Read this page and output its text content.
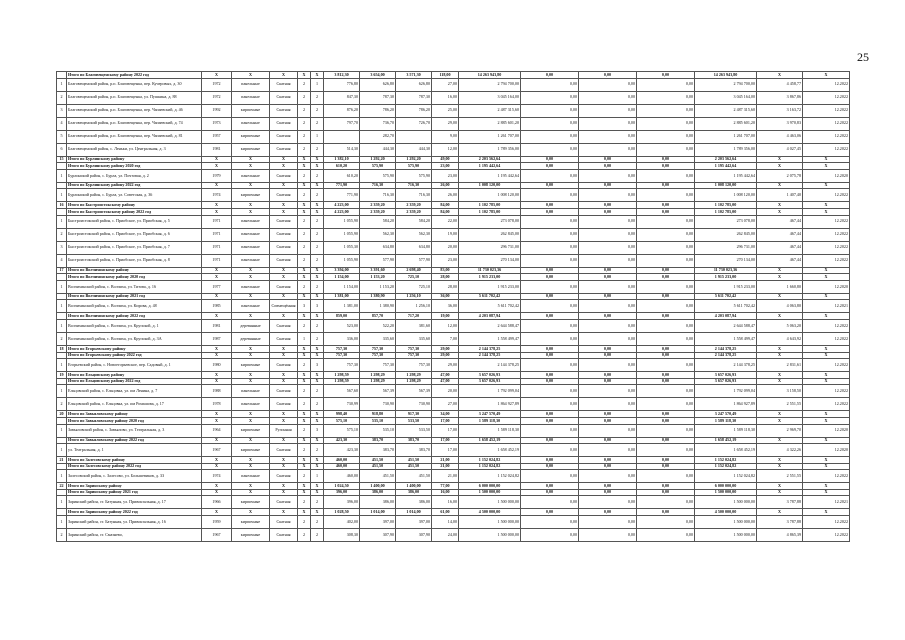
25
	Итого по Благовещенскому району 2022 год	X	X	X	X	X	3 812,30	3 654,00	3 571,30	118,00	14 263 943,80	0,00	0,00	0,00	14 263 943,80	X	X
1	Благовещенский район, р.п. Благовещенка, пер. Кучеровых, д. 30	1972	панельные	Скатная	2	1	776,80	626,80	626,80	27,00	2 794 700,00	0,00	0,00	0,00	2 794 700,00	4 458,77	12.2022
2	Благовещенский район, р.п. Благовещенка, ул. Пушкина, д. 88	1972	панельные	Скатная	2	2	847,30	787,30	787,30	16,00	3 045 164,00	0,00	0,00	0,00	3 045 164,00	3 867,86	12.2022
3	Благовещенский район, р.п. Благовещенка, пер. Чапаевский, д. 46	1992	кирпичные	Скатная	2	2	876,20	786,20	786,20	25,00	2 487 315,60	0,00	0,00	0,00	2 487 315,60	3 163,72	12.2022
4	Благовещенский район, р.п. Благовещенка, пер. Чапаевский, д. 74	1973	панельные	Скатная	2	2	797,70	736,70	726,70	29,00	2 885 601,20	0,00	0,00	0,00	2 885 601,20	3 970,83	12.2022
5	Благовещенский район, р.п. Благовещенка, пер. Чапаевский, д. 81	1957	кирпичные	Скатная	2	1		282,70		9,00	1 261 707,00	0,00	0,00	0,00	1 261 707,00	4 463,06	12.2022
6	Благовещенский район, с. Леньки, ул. Центральная, д. 3	1981	кирпичные	Скатная	2	2	514,30	444,30	444,30	12,00	1 789 356,00	0,00	0,00	0,00	1 789 356,00	4 027,45	12.2022
15	Итого по Бурлинскому району	X	X	X	X	X	1 382,10	1 292,20	1 292,20	49,00	2 203 562,64	0,00	0,00	0,00	2 203 562,64	X	X
	Итого по Бурлинскому району 2020 год	X	X	X	X	X	610,20	575,90	575,90	23,00	1 195 442,64	0,00	0,00	0,00	1 195 442,64	X	X
1	Бурлинский район, с. Бурла, ул. Почтовая, д. 2	1979	панельные	Скатная	2	2	610,20	575,90	575,90	23,00	1 195 442,64	0,00	0,00	0,00	1 195 442,64	2 075,78	12.2020
	Итого по Бурлинскому району 2022 год	X	X	X	X	X	771,90	716,30	716,30	26,00	1 008 120,00	0,00	0,00	0,00	1 008 120,00	X	X
1	Бурлинский район, с. Бурла, ул. Советская, д. 36	1974	кирпичные	Скатная	2	2	771,90	716,30	716,30	26,00	1 008 120,00	0,00	0,00	0,00	1 008 120,00	1 407,40	12.2022
16	Итого по Быстроистокскому району	X	X	X	X	X	4 223,00	2 359,20	2 359,20	84,00	1 102 785,00	0,00	0,00	0,00	1 102 785,00	X	X
	Итого по Быстроистокскому району 2022 год	X	X	X	X	X	4 223,00	2 359,20	2 359,20	84,00	1 102 785,00	0,00	0,00	0,00	1 102 785,00	X	X
1	Быстроистокский район, с. Приобское, ул. Приобская, д. 5	1971	панельные	Скатная	2	2	1 055,90	584,20	584,20	22,00	273 078,00	0,00	0,00	0,00	273 078,00	467,44	12.2022
2	Быстроистокский район, с. Приобское, ул. Приобская, д. 6	1971	панельные	Скатная	2	2	1 055,90	562,30	562,30	19,00	262 845,00	0,00	0,00	0,00	262 845,00	467,44	12.2022
3	Быстроистокский район, с. Приобское, ул. Приобская, д. 7	1971	панельные	Скатная	2	2	1 055,30	634,80	634,80	20,00	296 731,00	0,00	0,00	0,00	296 731,00	467,44	12.2022
4	Быстроистокский район, с. Приобское, ул. Приобская, д. 8	1971	панельные	Скатная	2	2	1 055,90	577,90	577,90	23,00	270 134,00	0,00	0,00	0,00	270 134,00	467,44	12.2022
17	Итого по Волчихинскому району	X	X	X	X	X	3 394,00	3 391,60	2 698,40	83,00	11 730 023,36	0,00	0,00	0,00	11 730 023,36	X	X
	Итого по Волчихинскому району 2020 год	X	X	X	X	X	1 154,00	1 153,20	725,10	28,00	1 915 233,00	0,00	0,00	0,00	1 915 233,00	X	X
1	Волчихинский район, с. Волчиха, ул. Титова, д. 16	1977	панельные	Скатная	2	2	1 154,00	1 153,20	725,10	28,00	1 915 233,00	0,00	0,00	0,00	1 915 233,00	1 660,80	12.2020
	Итого по Волчихинскому району 2021 год	X	X	X	X	X	1 381,00	1 380,90	1 256,10	36,00	5 611 702,42	0,00	0,00	0,00	5 611 702,42	X	X
1	Волчихинский район, с. Волчиха, ул. Кирова, д. 48	1985	панельные	Совмещённая	3	3	1 381,00	1 380,90	1 256,10	36,00	5 611 702,42	0,00	0,00	0,00	5 611 702,42	4 063,80	12.2021
	Итого по Волчихинскому району 2022 год	X	X	X	X	X	859,00	857,70	717,20	19,00	4 203 087,94	0,00	0,00	0,00	4 203 087,94	X	X
1	Волчихинский район, с. Волчиха, ул. Крупской, д. 1	1981	деревянные	Скатная	2	2	523,00	522,20	381,60	12,00	2 644 588,47	0,00	0,00	0,00	2 644 588,47	5 063,20	12.2022
2	Волчихинский район, с. Волчиха, ул. Крупской, д. 3А	1987	деревянные	Скатная	1	2	336,00	335,60	335,60	7,00	1 558 499,47	0,00	0,00	0,00	1 558 499,47	4 643,92	12.2022
18	Итого по Егорьевскому району	X	X	X	X	X	757,30	757,30	757,30	29,00	2 144 378,25	0,00	0,00	0,00	2 144 378,25	X	X
	Итого по Егорьевскому району 2022 год	X	X	X	X	X	757,30	757,30	757,30	29,00	2 144 378,25	0,00	0,00	0,00	2 144 378,25	X	X
1	Егорьевский район, с. Новоегорьевское, пер. Садовый, д. 1	1980	кирпичные	Скатная	2	3	757,30	757,30	757,30	29,00	2 144 378,25	0,00	0,00	0,00	2 144 378,25	2 831,61	12.2022
19	Итого по Ельцовскому району	X	X	X	X	X	1 298,59	1 298,29	1 298,29	47,00	3 657 026,93	0,00	0,00	0,00	3 657 026,93	X	X
	Итого по Ельцовскому району 2022 год	X	X	X	X	X	1 298,59	1 298,29	1 298,29	47,00	3 657 026,93	0,00	0,00	0,00	3 657 026,93	X	X
1	Ельцовский район, с. Ельцовка, ул. им Ленина, д. 7	1988	панельные	Скатная	2	2	567,60	567,39	567,39	20,00	1 792 099,04	0,00	0,00	0,00	1 792 099,04	3 158,50	12.2022
2	Ельцовский район, с. Ельцовка, ул. им Ромашова, д. 17	1978	панельные	Скатная	2	2	730,99	730,90	730,90	27,00	1 864 927,89	0,00	0,00	0,00	1 864 927,89	2 551,55	12.2022
20	Итого по Завьяловскому району	X	X	X	X	X	998,40	918,80	917,30	34,00	3 247 570,49	0,00	0,00	0,00	3 247 570,49	X	X
	Итого по Завьяловскому району 2020 год	X	X	X	X	X	575,10	535,10	533,50	17,00	1 589 118,30	0,00	0,00	0,00	1 589 118,30	X	X
1	Завьяловский район, с. Завьялово, ул. Театральная, д. 3	1964	кирпичные	Рулонная	2	3	575,10	535,10	533,50	17,00	1 589 118,30	0,00	0,00	0,00	1 589 118,30	2 969,70	12.2020
	Итого по Завьяловскому району 2022 год	X	X	X	X	X	423,30	383,70	383,70	17,00	1 658 452,19	0,00	0,00	0,00	1 658 452,19	X	X
1	ул. Театральная, д. 1	1967	кирпичные	Скатная	2	2	423,30	383,70	383,70	17,00	1 658 452,19	0,00	0,00	0,00	1 658 452,19	4 322,26	12.2020
21	Итого по Залесовскому району	X	X	X	X	X	460,00	451,50	451,50	21,00	1 152 024,82	0,00	0,00	0,00	1 152 024,82	X	X
	Итого по Залесовскому району 2022 год	X	X	X	X	X	460,00	451,50	451,50	21,00	1 152 024,82	0,00	0,00	0,00	1 152 024,82	X	X
1	Залесовский район, с. Залесово, ул. Большевиков, д. 33	1974	панельные	Скатная	2	1	460,00	451,50	451,50	21,00	1 152 024,82	0,00	0,00	0,00	1 152 024,82	2 551,55	12.2022
22	Итого по Заринскому району	X	X	X	X	X	1 024,50	1 400,00	1 400,00	77,00	6 000 000,00	0,00	0,00	0,00	6 000 000,00	X	X
	Итого по Заринскому району 2021 год	X	X	X	X	X	396,00	386,00	386,00	16,00	1 500 000,00	0,00	0,00	0,00	1 500 000,00	X	X
1	Заринский район, ст. Батунная, ул. Привокзальная, д. 17	1966	кирпичные	Скатная	2	2	396,00	386,00	386,00	16,00	1 500 000,00	0,00	0,00	0,00	1 500 000,00	3 787,88	12.2021
	Итого по Заринскому району 2022 год	X	X	X	X	X	1 028,50	1 014,00	1 014,00	61,00	4 500 000,00	0,00	0,00	0,00	4 500 000,00	X	X
1	Заринский район, ст. Батунная, ул. Привокзальная, д. 16	1959	кирпичные	Скатная	2	2	402,00	397,00	397,00	14,00	1 500 000,00	0,00	0,00	0,00	1 500 000,00	3 787,88	12.2022
2	Заринский район, ст. Смазнево,	1967	кирпичные	Скатная	2	2	308,30	307,90	307,90	24,00	1 500 000,00	0,00	0,00	0,00	1 500 000,00	4 865,39	12.2022
